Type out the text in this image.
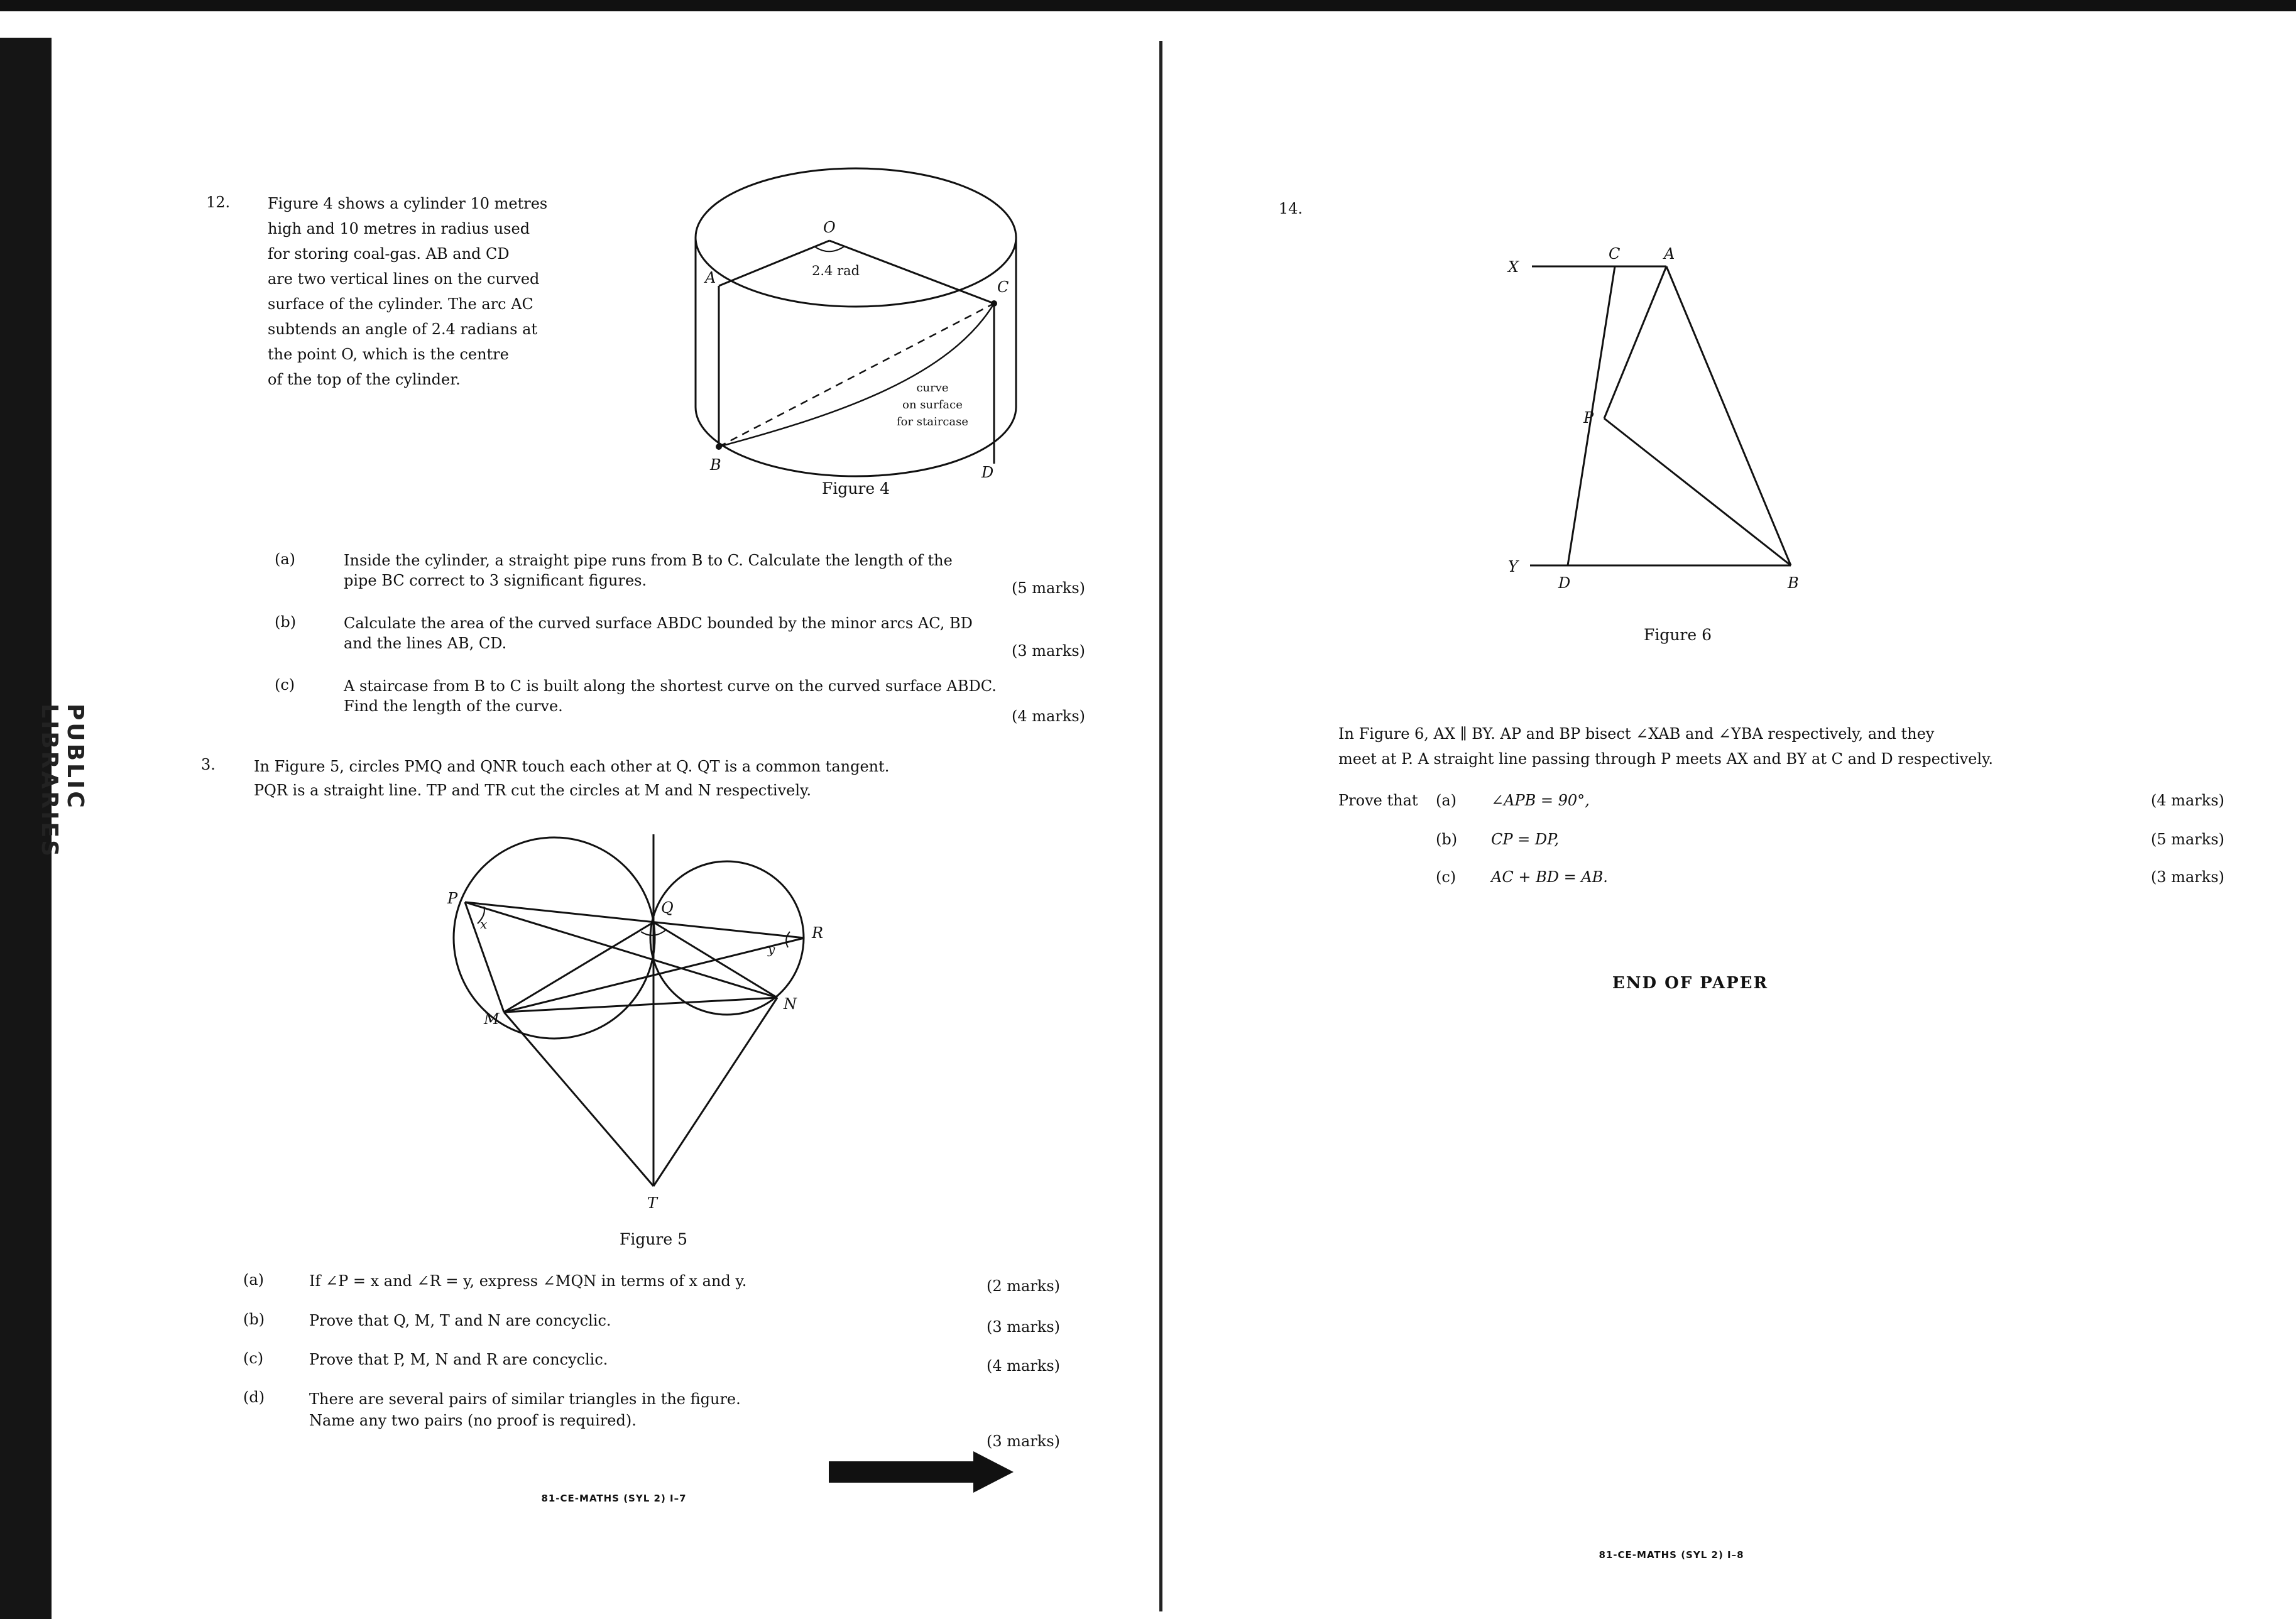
PUBLIC LIBRARIES
12. Figure 4 shows a cylinder 10 metres
high and 10 metres in radius used
for storing coal-gas. AB and CD
are two vertical lines on the curved
surface of the cylinder. The arc AC
subtends an angle of 2.4 radians at
the point O, which is the centre
of the top of the cylinder.
O
A
C
B	D
2.4 rad
curve
on surface
for staircase
Figure 4
(a)	Inside the cylinder, a straight pipe runs from B to C. Calculate the length of the
pipe BC correct to 3 significant figures.	(5 marks)
(b)	Calculate the area of the curved surface ABDC bounded by the minor arcs AC, BD
and the lines AB, CD.	(3 marks)
(c)	A staircase from B to C is built along the shortest curve on the curved surface ABDC.
Find the length of the curve.
(4 marks)
3.	In Figure 5, circles PMQ and QNR touch each other at Q. QT is a common tangent.
PQR is a straight line. TP and TR cut the circles at M and N respectively.
P
Q
R
M
N
T
x
y
Figure 5
(a)	If ∠P = x and ∠R = y, express ∠MQN in terms of x and y.	(2 marks)
(b)	Prove that Q, M, T and N are concyclic.	(3 marks)
(c)	Prove that P, M, N and R are concyclic.	(4 marks)
(d)	There are several pairs of similar triangles in the figure.
Name any two pairs (no proof is required).
(3 marks)
81-CE-MATHS (SYL 2) I–7
14.
X
C	A
P
Y
D	B
Figure 6
In Figure 6, AX ∥ BY. AP and BP bisect ∠XAB and ∠YBA respectively, and they
meet at P. A straight line passing through P meets AX and BY at C and D respectively.
Prove that (a) ∠APB = 90°,	(4 marks)
(b) CP = DP,	(5 marks)
(c) AC + BD = AB.	(3 marks)
END OF PAPER
81-CE-MATHS (SYL 2) I–8
